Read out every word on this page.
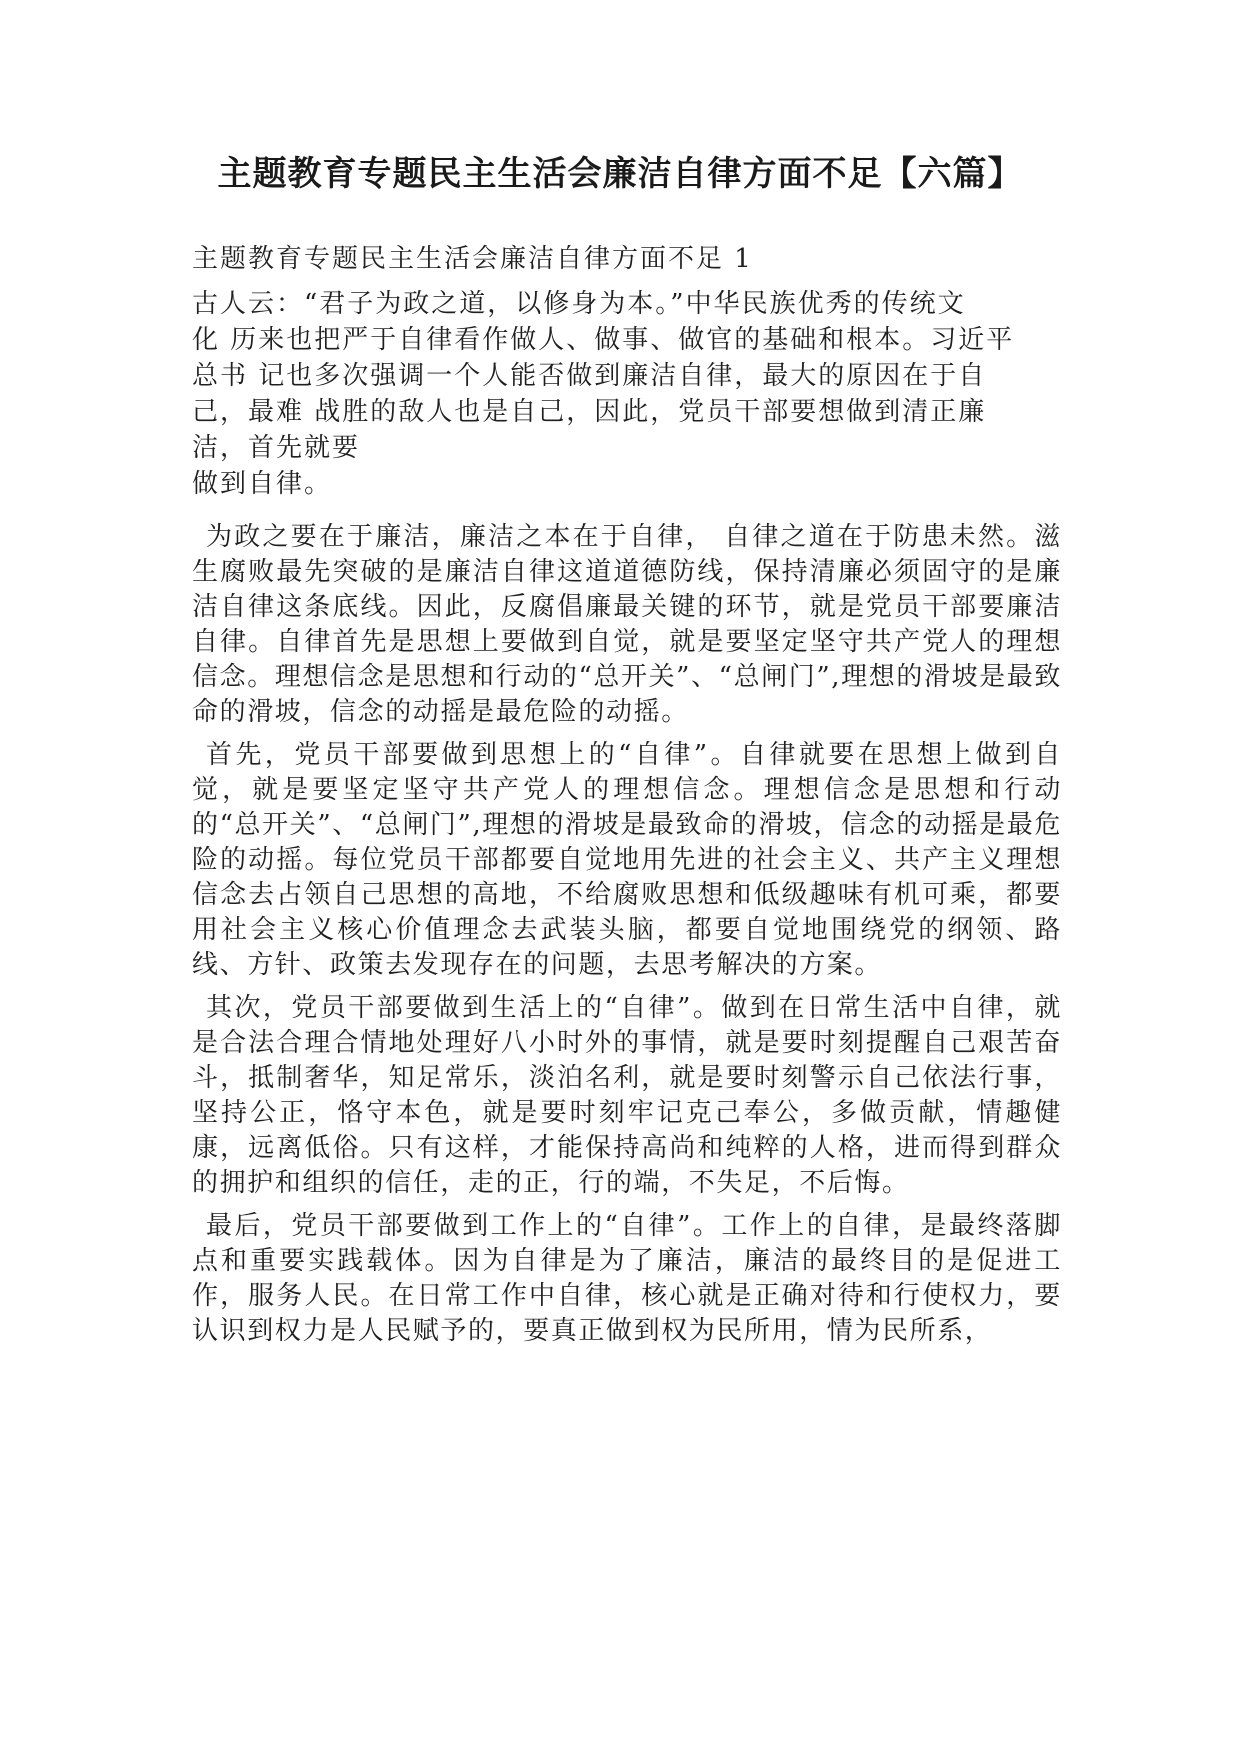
主题教育专题民主生活会廉洁自律方面不足【六篇】

主题教育专题民主生活会廉洁自律方面不足 1

古人云：“君子为政之道，以修身为本。”中华民族优秀的传统文
化 历来也把严于自律看作做人、做事、做官的基础和根本。习近平
总书 记也多次强调一个人能否做到廉洁自律，最大的原因在于自
己，最难 战胜的敌人也是自己，因此，党员干部要想做到清正廉
洁，首先就要
做到自律。

为政之要在于廉洁，廉洁之本在于自律， 自律之道在于防患未然。滋生腐败最先突破的是廉洁自律这道道德防线，保持清廉必须固守的是廉洁自律这条底线。因此，反腐倡廉最关键的环节，就是党员干部要廉洁自律。自律首先是思想上要做到自觉，就是要坚定坚守共产党人的理想信念。理想信念是思想和行动的“总开关”、“总闸门”,理想的滑坡是最致命的滑坡，信念的动摇是最危险的动摇。

首先，党员干部要做到思想上的“自律”。自律就要在思想上做到自觉，就是要坚定坚守共产党人的理想信念。理想信念是思想和行动的“总开关”、“总闸门”,理想的滑坡是最致命的滑坡，信念的动摇是最危险的动摇。每位党员干部都要自觉地用先进的社会主义、共产主义理想信念去占领自己思想的高地，不给腐败思想和低级趣味有机可乘，都要用社会主义核心价值理念去武装头脑，都要自觉地围绕党的纲领、路线、方针、政策去发现存在的问题，去思考解决的方案。

其次，党员干部要做到生活上的“自律”。做到在日常生活中自律，就是合法合理合情地处理好八小时外的事情，就是要时刻提醒自己艰苦奋斗，抵制奢华，知足常乐，淡泊名利，就是要时刻警示自己依法行事，坚持公正，恪守本色，就是要时刻牢记克己奉公，多做贡献，情趣健康，远离低俗。只有这样，才能保持高尚和纯粹的人格，进而得到群众的拥护和组织的信任，走的正，行的端，不失足，不后悔。

最后，党员干部要做到工作上的“自律”。工作上的自律，是最终落脚点和重要实践载体。因为自律是为了廉洁，廉洁的最终目的是促进工作，服务人民。在日常工作中自律，核心就是正确对待和行使权力，要认识到权力是人民赋予的，要真正做到权为民所用，情为民所系，
